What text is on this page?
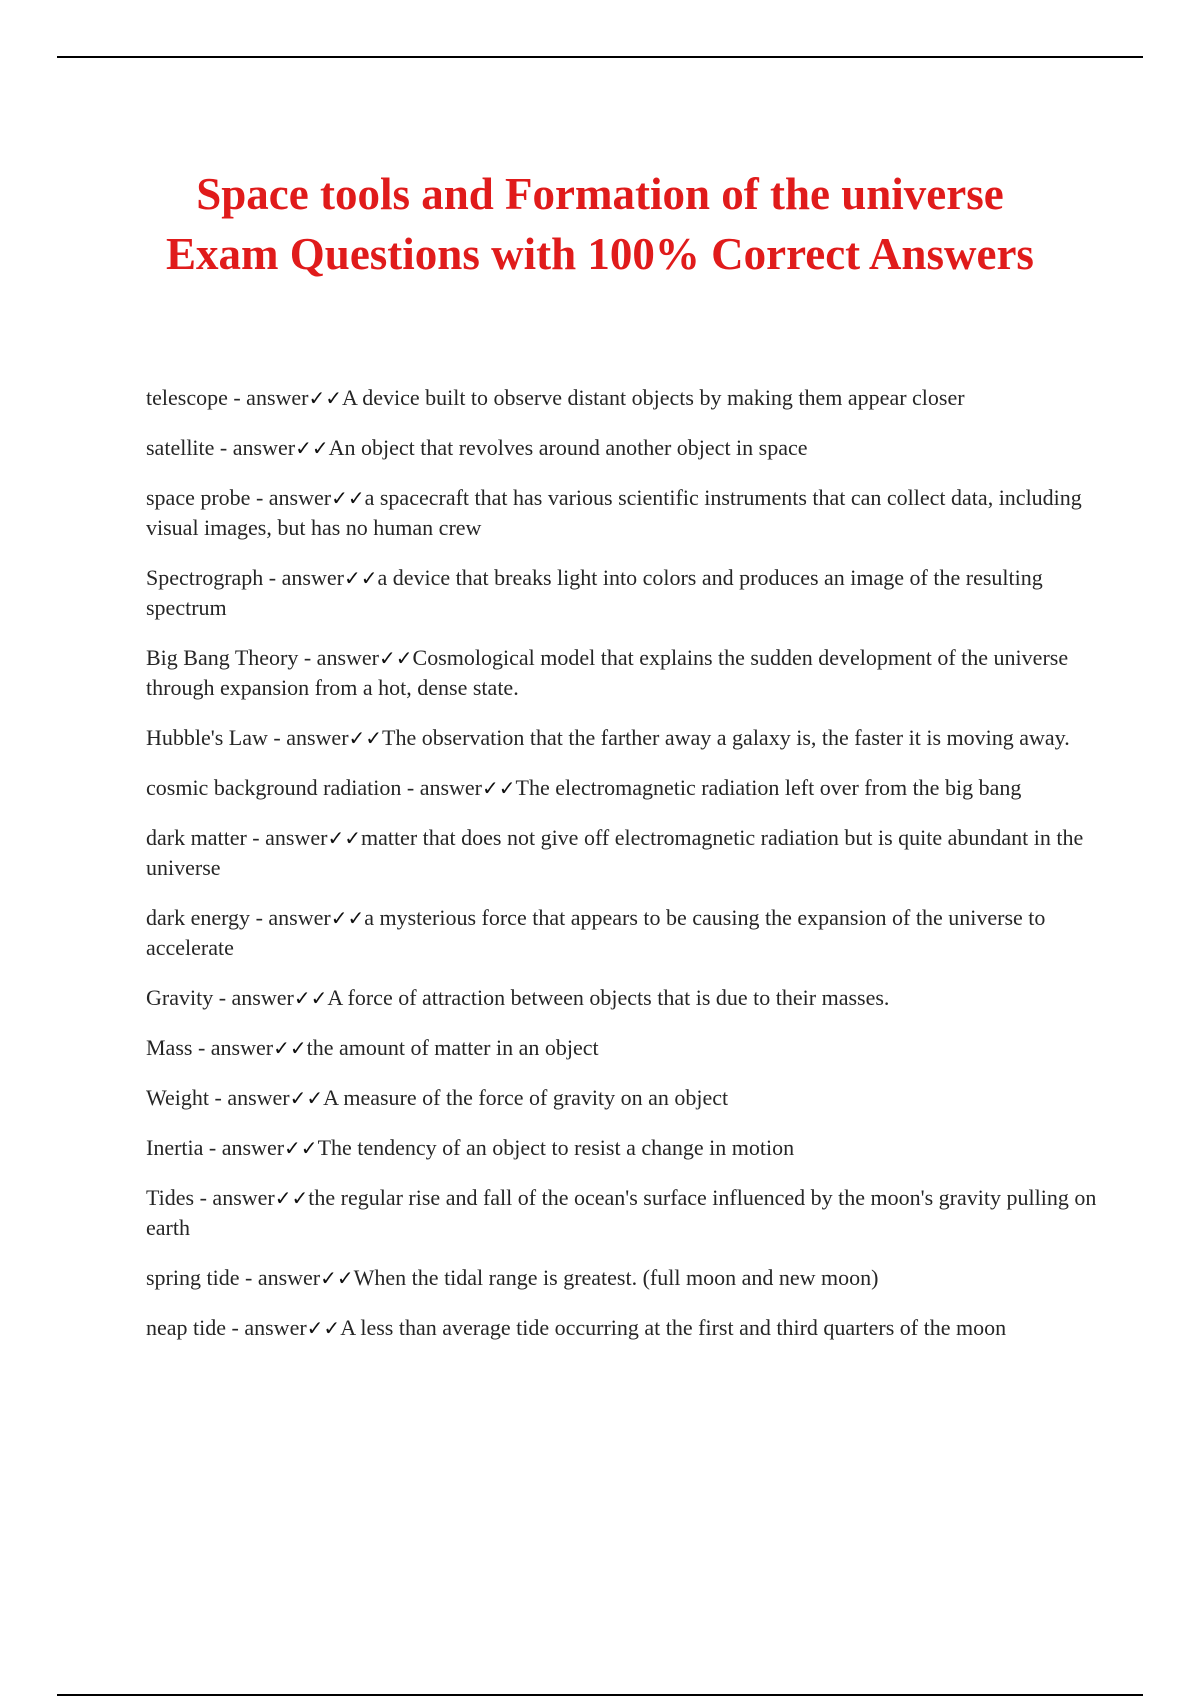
Space tools and Formation of the universe
Exam Questions with 100% Correct Answers
telescope - answer✓✓A device built to observe distant objects by making them appear closer
satellite - answer✓✓An object that revolves around another object in space
space probe - answer✓✓a spacecraft that has various scientific instruments that can collect data, including visual images, but has no human crew
Spectrograph - answer✓✓a device that breaks light into colors and produces an image of the resulting spectrum
Big Bang Theory - answer✓✓Cosmological model that explains the sudden development of the universe through expansion from a hot, dense state.
Hubble's Law - answer✓✓The observation that the farther away a galaxy is, the faster it is moving away.
cosmic background radiation - answer✓✓The electromagnetic radiation left over from the big bang
dark matter - answer✓✓matter that does not give off electromagnetic radiation but is quite abundant in the universe
dark energy - answer✓✓a mysterious force that appears to be causing the expansion of the universe to accelerate
Gravity - answer✓✓A force of attraction between objects that is due to their masses.
Mass - answer✓✓the amount of matter in an object
Weight - answer✓✓A measure of the force of gravity on an object
Inertia - answer✓✓The tendency of an object to resist a change in motion
Tides - answer✓✓the regular rise and fall of the ocean's surface influenced by the moon's gravity pulling on earth
spring tide - answer✓✓When the tidal range is greatest. (full moon and new moon)
neap tide - answer✓✓A less than average tide occurring at the first and third quarters of the moon
